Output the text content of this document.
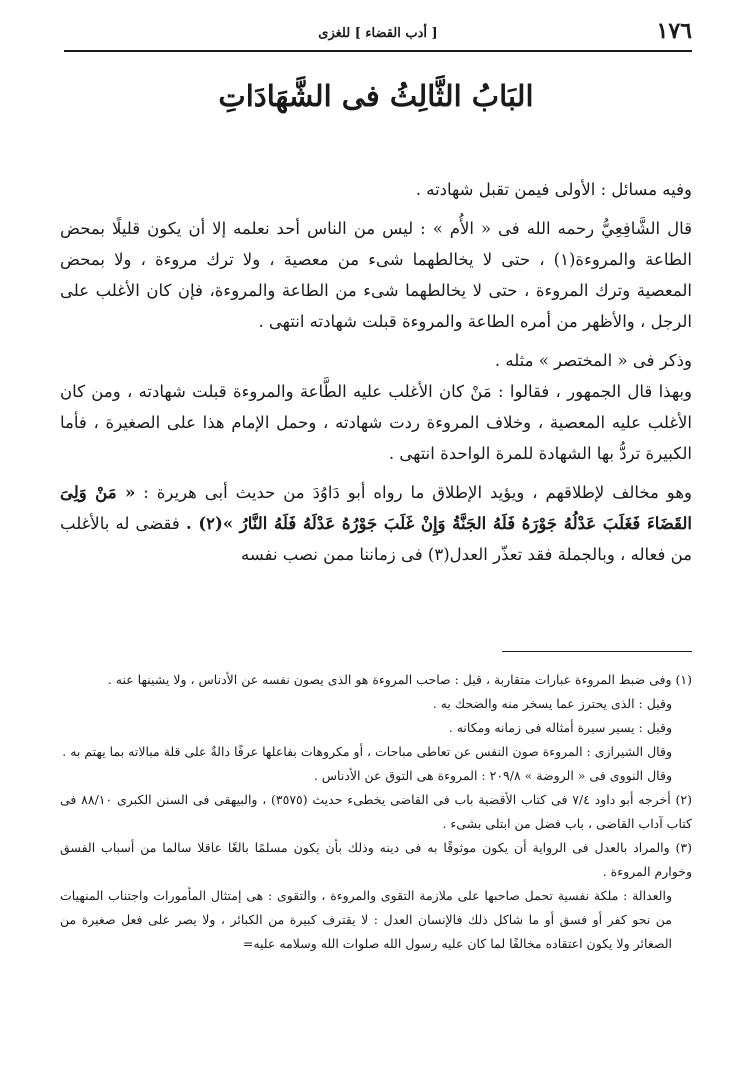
١٧٦
[ أدب القضاء ] للغزى
البَابُ الثَّالِثُ فى الشَّهَادَاتِ

وفيه مسائل : الأولى فيمن تقبل شهادته .

قال الشَّافِعِيُّ رحمه الله فى « الأُم » : ليس من الناس أحد نعلمه إلا أن يكون قليلًا بمحض الطاعة والمروءة(١) ، حتى لا يخالطهما شىء من معصية ، ولا ترك مروءة ، ولا بمحض المعصية وترك المروءة ، حتى لا يخالطهما شىء من الطاعة والمروءة، فإن كان الأغلب على الرجل ، والأظهر من أمره الطاعة والمروءة قبلت شهادته انتهى .

وذكر فى « المختصر » مثله .

وبهذا قال الجمهور ، فقالوا : مَنْ كان الأغلب عليه الطَّاعة والمروءة قبلت شهادته ، ومن كان الأغلب عليه المعصية ، وخلاف المروءة ردت شهادته ، وحمل الإمام هذا على الصغيرة ، فأما الكبيرة تردُّ بها الشهادة للمرة الواحدة انتهى .

وهو مخالف لإطلاقهم ، ويؤيد الإطلاق ما رواه أبو دَاوُدَ من حديث أبى هريرة : « مَنْ وَلِىَ القَضَاءَ فَغَلَبَ عَدْلُهُ جَوْرَهُ فَلَهُ الجَنَّةُ وَإِنْ غَلَبَ جَوْرُهُ عَدْلَهُ فَلَهُ النَّارُ »(٢) . فقضى له بالأغلب من فعاله ، وبالجملة فقد تعذّر العدل(٣) فى زماننا ممن نصب نفسه

(١) وفى ضبط المروءة عبارات متقاربة ، قيل : صاحب المروءة هو الذى يصون نفسه عن الأدناس ، ولا يشينها عنه .

وقيل : الذى يحترز عما يسخر منه والضحك به .

وقيل : يسير سيرة أمثاله فى زمانه ومكانه .

وقال الشيرازى : المروءة صون النفس عن تعاطى مباحات ، أو مكروهات بفاعلها عرفًا دالةٌ على قلة مبالاته بما يهتم به .

وقال النووى فى « الروضة » ٢٠٩/٨ : المروءة هى التوق عن الأدناس .

(٢) أخرجه أبو داود ٧/٤ فى كتاب الأقضية باب فى القاضى يخطىء حديث (٣٥٧٥) ، والبيهقى فى السنن الكبرى ٨٨/١٠ فى كتاب آداب القاضى ، باب فضل من ابتلى بشىء .

(٣) والمراد بالعدل فى الرواية أن يكون موثوقًا به فى دينه وذلك بأن يكون مسلمًا بالغًا عاقلا سالما من أسباب الفسق وخوارم المروءة .

والعدالة : ملكة نفسية تحمل صاحبها على ملازمة التقوى والمروءة ، والتقوى : هى إمتثال المأمورات واجتناب المنهيات من نحو كفر أو فسق أو ما شاكل ذلك فالإنسان العدل : لا يقترف كبيرة من الكبائر ، ولا يصر على فعل صغيرة من الصغائر ولا يكون اعتقاده مخالفًا لما كان عليه رسول الله صلوات الله وسلامه عليه=
